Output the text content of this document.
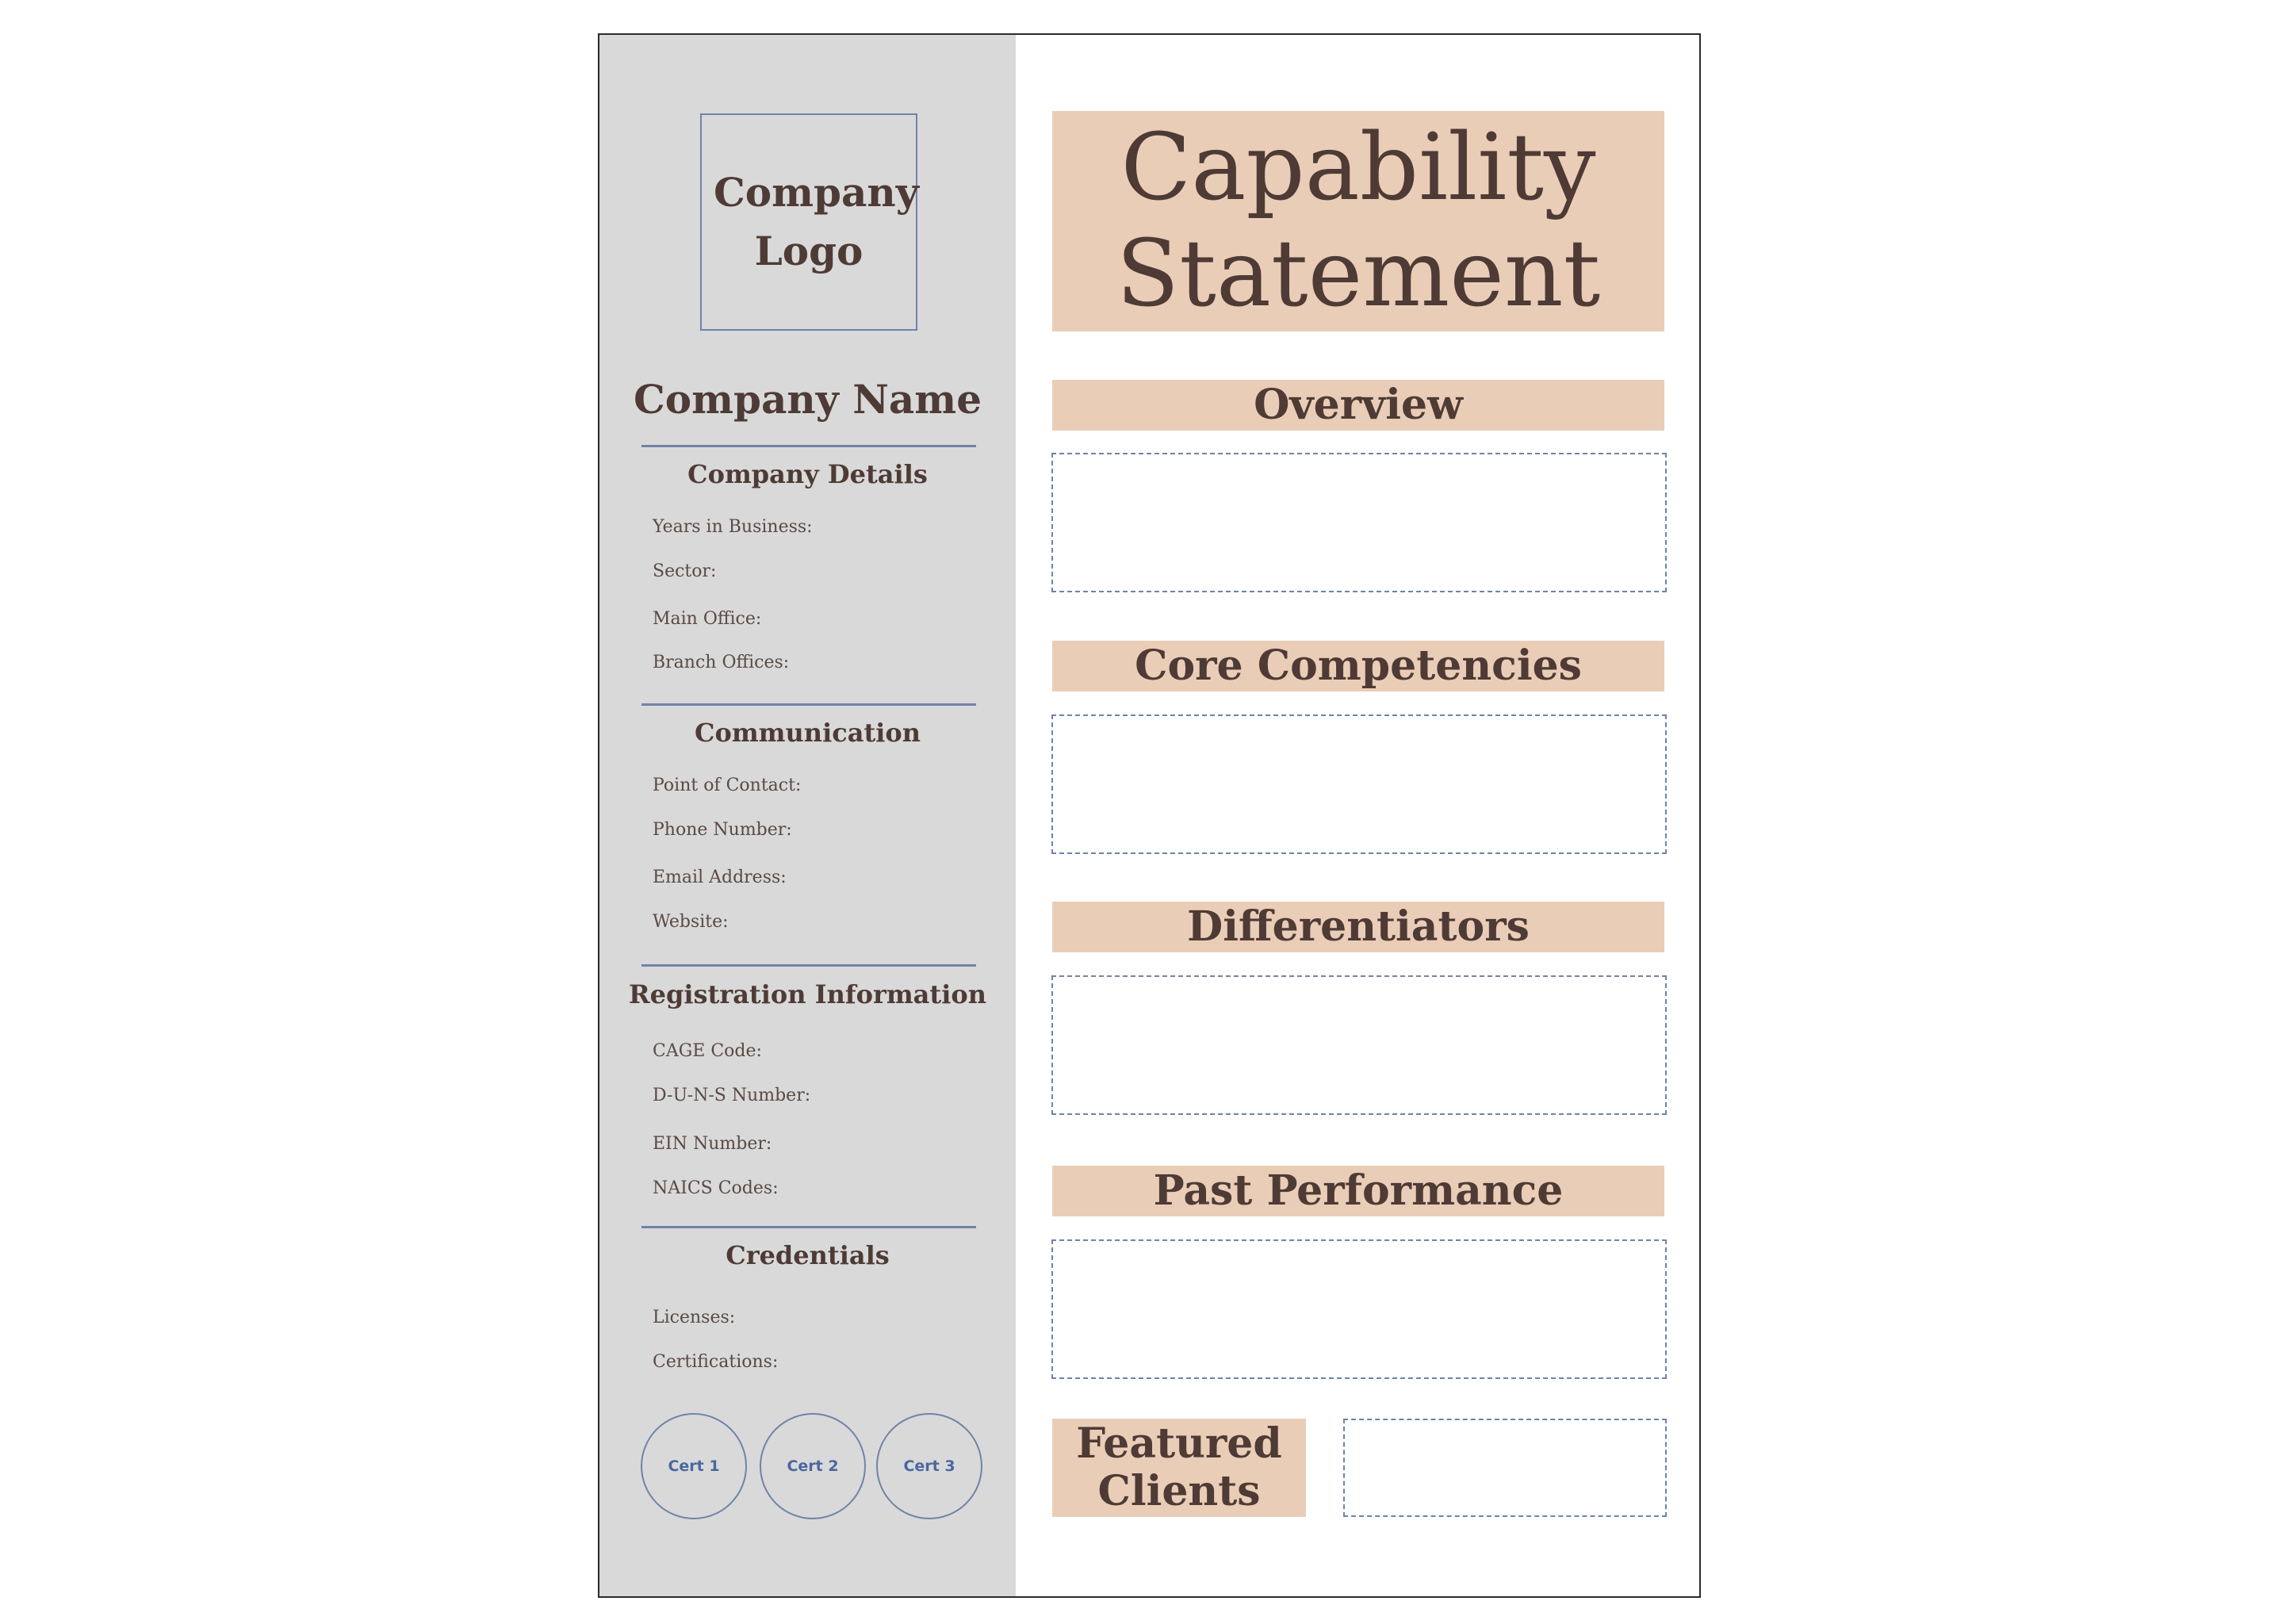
Company Logo
Company Name
Company Details
Years in Business:
Sector:
Main Office:
Branch Offices:
Communication
Point of Contact:
Phone Number:
Email Address:
Website:
Registration Information
CAGE Code:
D-U-N-S Number:
EIN Number:
NAICS Codes:
Credentials
Licenses:
Certifications:
Cert 1	Cert 2	Cert 3
Capability Statement
Overview
Core Competencies
Differentiators
Past Performance
Featured Clients
